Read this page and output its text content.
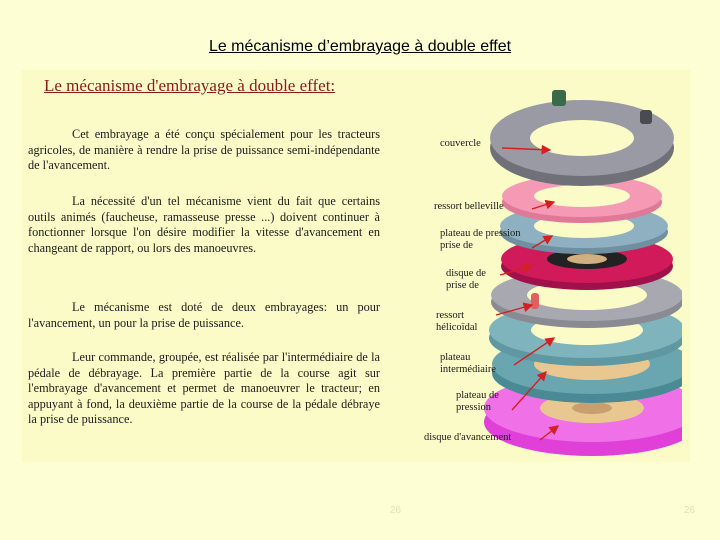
Le mécanisme d’embrayage à double effet
Le mécanisme d'embrayage à double effet:

Cet embrayage a été conçu spécialement pour les tracteurs agricoles, de manière à rendre la prise de puissance semi-indépendante de l'avancement.

La nécessité d'un tel mécanisme vient du fait que certains outils animés (faucheuse, ramasseuse presse ...) doivent continuer à fonctionner lorsque l'on désire modifier la vitesse d'avancement en changeant de rapport, ou lors des manoeuvres.

Le mécanisme est doté de deux embrayages: un pour l'avancement, un pour la prise de puissance.

Leur commande, groupée, est réalisée par l'intermédiaire de la pédale de débrayage. La première partie de la course agit sur l'embrayage d'avancement et permet de manoeuvrer le tracteur; en appuyant à fond, la deuxième partie de la course de la pédale débraye la prise de puissance.

couvercle
ressort belleville
plateau de pression prise de
disque de prise de
ressort hélicoïdal
plateau intermédiaire
plateau de pression
disque d'avancement
26	26
